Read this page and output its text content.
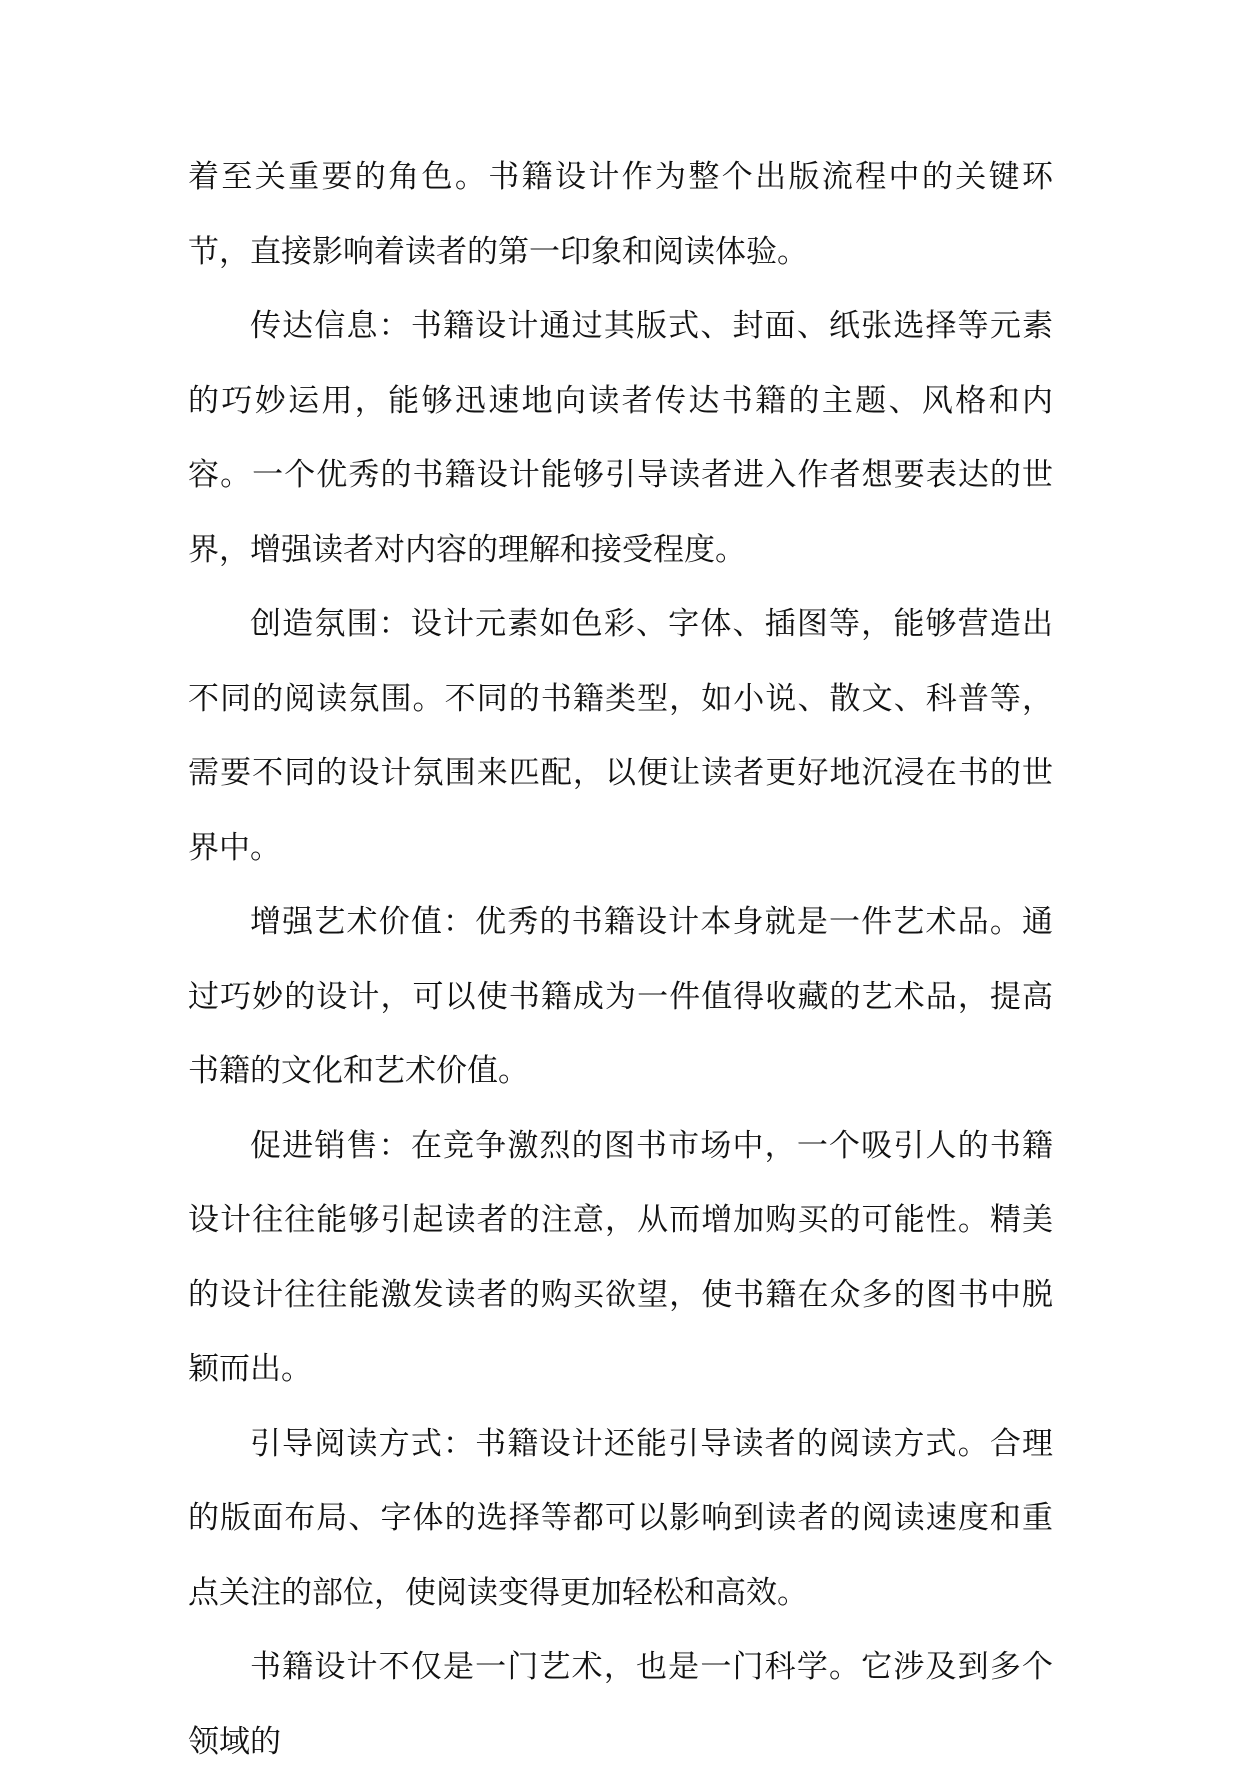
着至关重要的角色。书籍设计作为整个出版流程中的关键环节，直接影响着读者的第一印象和阅读体验。

传达信息：书籍设计通过其版式、封面、纸张选择等元素的巧妙运用，能够迅速地向读者传达书籍的主题、风格和内容。一个优秀的书籍设计能够引导读者进入作者想要表达的世界，增强读者对内容的理解和接受程度。

创造氛围：设计元素如色彩、字体、插图等，能够营造出不同的阅读氛围。不同的书籍类型，如小说、散文、科普等，需要不同的设计氛围来匹配，以便让读者更好地沉浸在书的世界中。

增强艺术价值：优秀的书籍设计本身就是一件艺术品。通过巧妙的设计，可以使书籍成为一件值得收藏的艺术品，提高书籍的文化和艺术价值。

促进销售：在竞争激烈的图书市场中，一个吸引人的书籍设计往往能够引起读者的注意，从而增加购买的可能性。精美的设计往往能激发读者的购买欲望，使书籍在众多的图书中脱颖而出。

引导阅读方式：书籍设计还能引导读者的阅读方式。合理的版面布局、字体的选择等都可以影响到读者的阅读速度和重点关注的部位，使阅读变得更加轻松和高效。

书籍设计不仅是一门艺术，也是一门科学。它涉及到多个领域的
